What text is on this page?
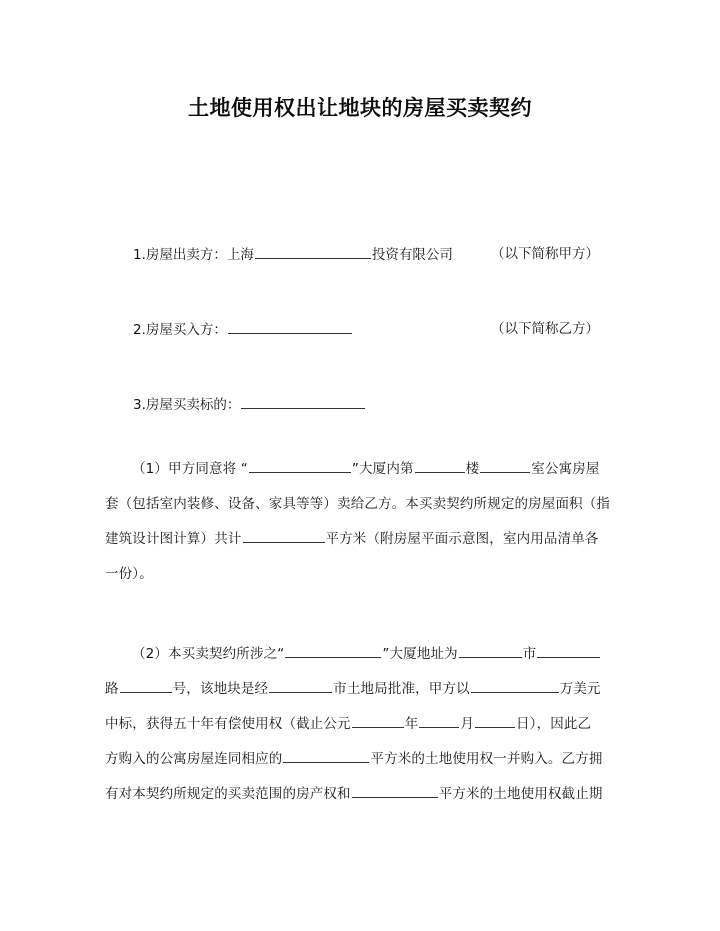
土地使用权出让地块的房屋买卖契约
1.房屋出卖方：上海	投资有限公司	（以下简称甲方）
2.房屋买入方：	（以下简称乙方）
3.房屋买卖标的：
（1）甲方同意将 “	”大厦内第	楼	室公寓房屋
套（包括室内装修、设备、家具等等）卖给乙方。本买卖契约所规定的房屋面积（指
建筑设计图计算）共计	平方米（附房屋平面示意图，室内用品清单各
一份）。
（2）本买卖契约所涉之“	”大厦地址为	市
路	号，该地块是经	市土地局批准，甲方以	万美元
中标，获得五十年有偿使用权（截止公元	年	月	日），因此乙
方购入的公寓房屋连同相应的	平方米的土地使用权一并购入。乙方拥
有对本契约所规定的买卖范围的房产权和	平方米的土地使用权截止期
